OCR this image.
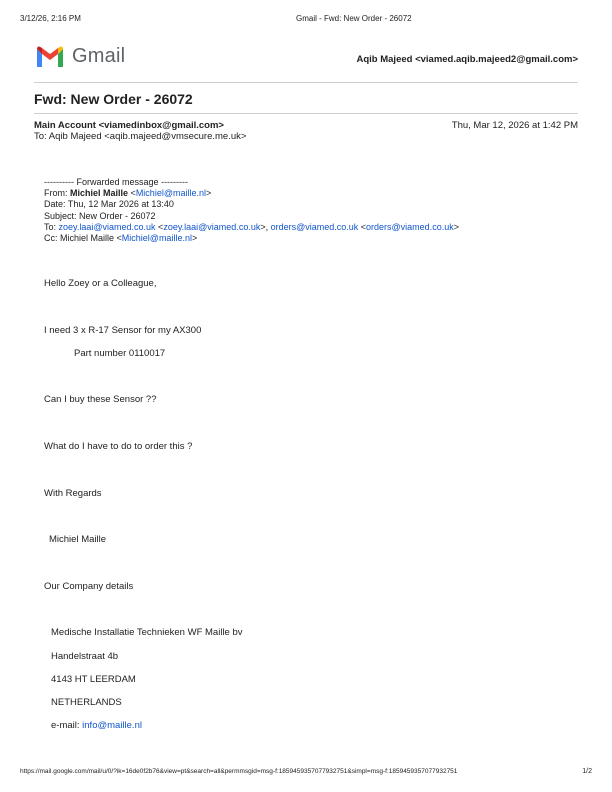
3/12/26, 2:16 PM	Gmail - Fwd: New Order - 26072
Gmail	Aqib Majeed <viamed.aqib.majeed2@gmail.com>
Fwd: New Order - 26072
Main Account <viamedinbox@gmail.com>	Thu, Mar 12, 2026 at 1:42 PM
To: Aqib Majeed <aqib.majeed@vmsecure.me.uk>
---------- Forwarded message ---------
From: Michiel Maille <Michiel@maille.nl>
Date: Thu, 12 Mar 2026 at 13:40
Subject: New Order - 26072
To: zoey.laai@viamed.co.uk <zoey.laai@viamed.co.uk>, orders@viamed.co.uk <orders@viamed.co.uk>
Cc: Michiel Maille <Michiel@maille.nl>
Hello Zoey or a Colleague,
I need 3 x R-17 Sensor for my AX300
Part number 0110017
Can I buy these Sensor ??
What do I have to do to order this ?
With Regards
Michiel Maille
Our Company details
Medische Installatie Technieken WF Maille bv
Handelstraat 4b
4143 HT LEERDAM
NETHERLANDS
e-mail: info@maille.nl
https://mail.google.com/mail/u/0/?ik=16de0f2b76&view=pt&search=all&permmsgid=msg-f:1859459357077932751&simpl=msg-f:1859459357077932751	1/2
